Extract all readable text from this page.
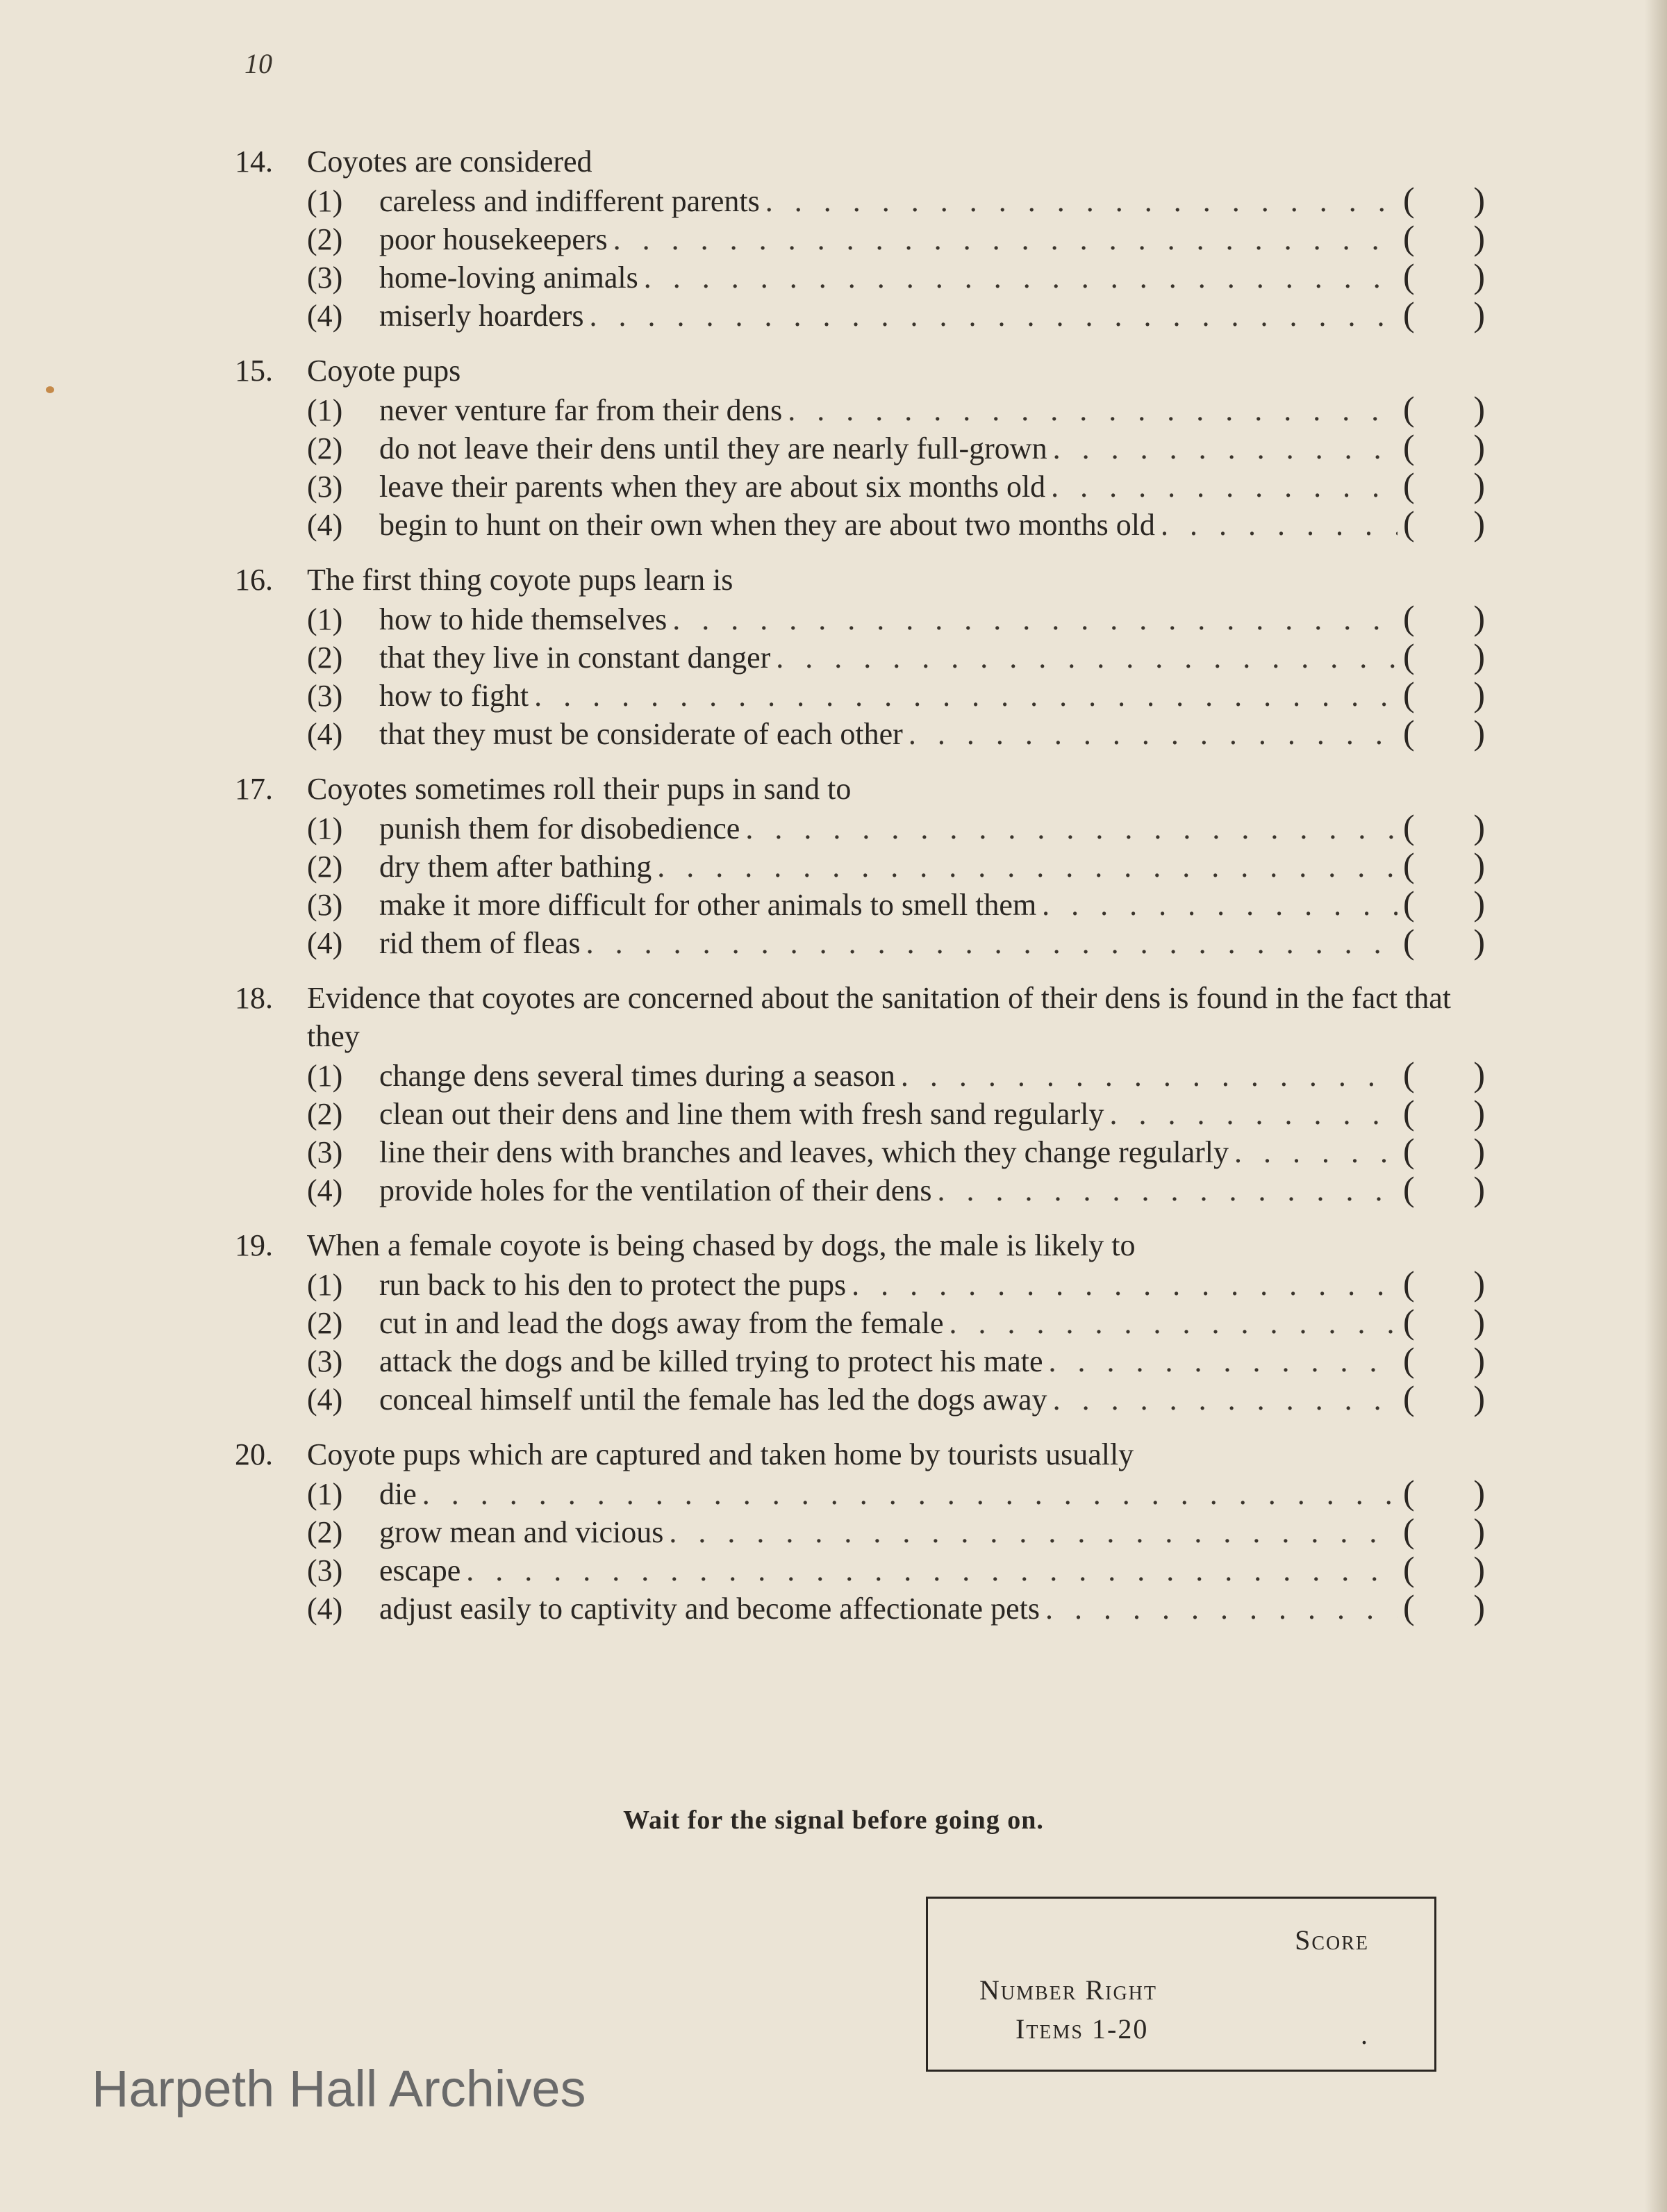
10
14.	Coyotes are considered
(1)	careless and indifferent parents . . .	( )
(2)	poor housekeepers . . .	( )
(3)	home-loving animals . . .	( )
(4)	miserly hoarders . . .	( )
15.	Coyote pups
(1)	never venture far from their dens . . .	( )
(2)	do not leave their dens until they are nearly full-grown . . .	( )
(3)	leave their parents when they are about six months old . . .	( )
(4)	begin to hunt on their own when they are about two months old . . .	( )
16.	The first thing coyote pups learn is
(1)	how to hide themselves . . .	( )
(2)	that they live in constant danger . . .	( )
(3)	how to fight . . .	( )
(4)	that they must be considerate of each other . . .	( )
17.	Coyotes sometimes roll their pups in sand to
(1)	punish them for disobedience . . .	( )
(2)	dry them after bathing . . .	( )
(3)	make it more difficult for other animals to smell them . . .	( )
(4)	rid them of fleas . . .	( )
18.	Evidence that coyotes are concerned about the sanitation of their dens is found in the fact that they
(1)	change dens several times during a season . . .	( )
(2)	clean out their dens and line them with fresh sand regularly . . .	( )
(3)	line their dens with branches and leaves, which they change regularly . . .	( )
(4)	provide holes for the ventilation of their dens . . .	( )
19.	When a female coyote is being chased by dogs, the male is likely to
(1)	run back to his den to protect the pups . . .	( )
(2)	cut in and lead the dogs away from the female . . .	( )
(3)	attack the dogs and be killed trying to protect his mate . . .	( )
(4)	conceal himself until the female has led the dogs away . . .	( )
20.	Coyote pups which are captured and taken home by tourists usually
(1)	die . . .	( )
(2)	grow mean and vicious . . .	( )
(3)	escape . . .	( )
(4)	adjust easily to captivity and become affectionate pets . . .	( )
Wait for the signal before going on.
Score
Number Right
Items 1-20	.
Harpeth Hall Archives
